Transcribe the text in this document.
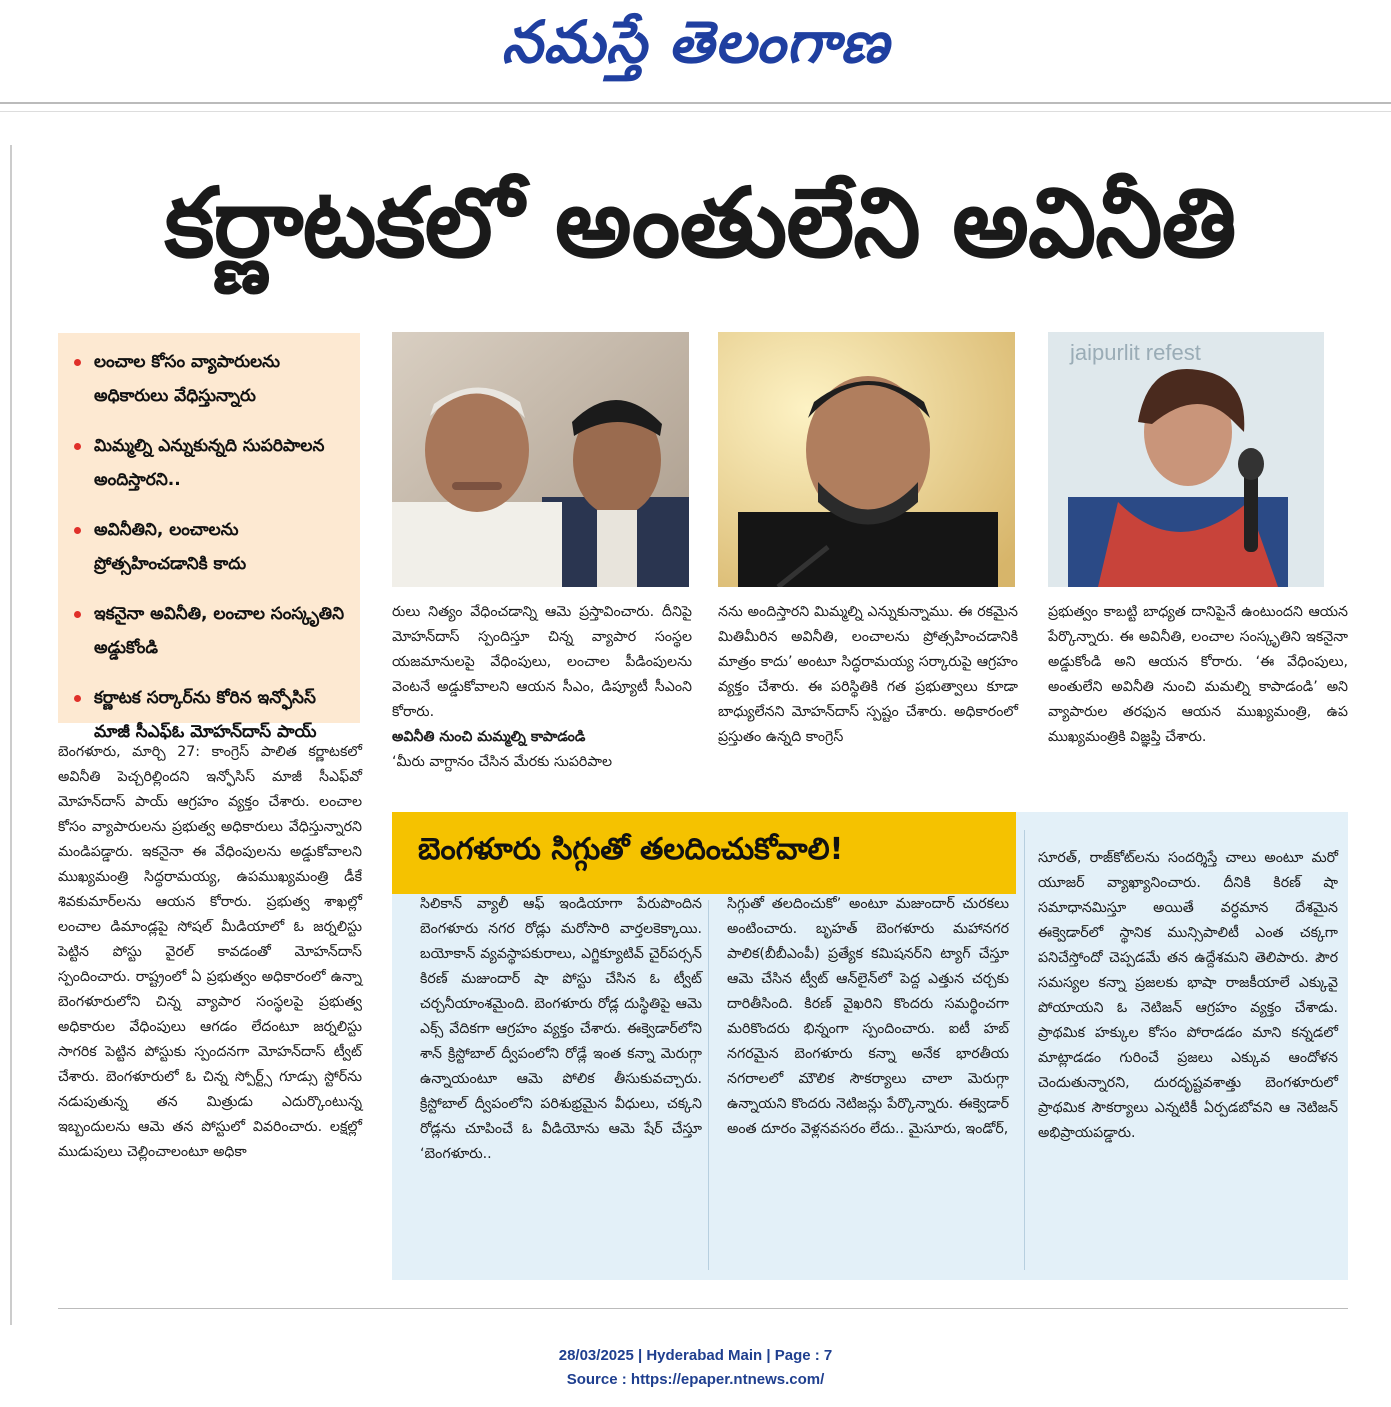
నమస్తే తెలంగాణ
కర్ణాటకలో అంతులేని అవినీతి
లంచాల కోసం వ్యాపారులను అధికారులు వేధిస్తున్నారు
మిమ్మల్ని ఎన్నుకున్నది సుపరిపాలన అందిస్తారని..
అవినీతిని, లంచాలను ప్రోత్సహించడానికి కాదు
ఇకనైనా అవినీతి, లంచాల సంస్కృతిని అడ్డుకోండి
కర్ణాటక సర్కార్‌ను కోరిన ఇన్ఫోసిస్ మాజీ సీఎఫ్‌ఓ మోహన్‌దాస్ పాయ్
jaipurlit refest

బెంగళూరు, మార్చి 27: కాంగ్రెస్ పాలిత కర్ణాటకలో అవినీతి పెచ్చరిల్లిందని ఇన్ఫోసిస్ మాజీ సీఎఫ్‌వో మోహన్‌దాస్ పాయ్ ఆగ్రహం వ్యక్తం చేశారు. లంచాల కోసం వ్యాపారులను ప్రభుత్వ అధికారులు వేధిస్తున్నారని మండిపడ్డారు. ఇకనైనా ఈ వేధింపులను అడ్డుకోవాలని ముఖ్యమంత్రి సిద్ధరామయ్య, ఉపముఖ్యమంత్రి డీకే శివకుమార్‌లను ఆయన కోరారు. ప్రభుత్వ శాఖల్లో లంచాల డిమాండ్లపై సోషల్ మీడియాలో ఓ జర్నలిస్టు పెట్టిన పోస్టు వైరల్ కావడంతో మోహన్‌దాస్ స్పందించారు. రాష్ట్రంలో ఏ ప్రభుత్వం అధికారంలో ఉన్నా బెంగళూరులోని చిన్న వ్యాపార సంస్థలపై ప్రభుత్వ అధికారుల వేధింపులు ఆగడం లేదంటూ జర్నలిస్టు సాగరిక పెట్టిన పోస్టుకు స్పందనగా మోహన్‌దాస్ ట్వీట్ చేశారు. బెంగళూరులో ఓ చిన్న స్పోర్ట్స్ గూడ్సు స్టోర్‌ను నడుపుతున్న తన మిత్రుడు ఎదుర్కొంటున్న ఇబ్బందులను ఆమె తన పోస్టులో వివరించారు. లక్షల్లో ముడుపులు చెల్లించాలంటూ అధికా

రులు నిత్యం వేధించడాన్ని ఆమె ప్రస్తావించారు. దీనిపై మోహన్‌దాస్ స్పందిస్తూ చిన్న వ్యాపార సంస్థల యజమానులపై వేధింపులు, లంచాల పీడింపులను వెంటనే అడ్డుకోవాలని ఆయన సీఎం, డిప్యూటీ సీఎంని కోరారు.

అవినీతి నుంచి మమ్మల్ని కాపాడండి

‘మీరు వాగ్దానం చేసిన మేరకు సుపరిపాల

నను అందిస్తారని మిమ్మల్ని ఎన్నుకున్నాము. ఈ రకమైన మితిమీరిన అవినీతి, లంచాలను ప్రోత్సహించడానికి మాత్రం కాదు’ అంటూ సిద్ధరామయ్య సర్కారుపై ఆగ్రహం వ్యక్తం చేశారు. ఈ పరిస్థితికి గత ప్రభుత్వాలు కూడా బాధ్యులేనని మోహన్‌దాస్ స్పష్టం చేశారు. అధికారంలో ప్రస్తుతం ఉన్నది కాంగ్రెస్

ప్రభుత్వం కాబట్టి బాధ్యత దానిపైనే ఉంటుందని ఆయన పేర్కొన్నారు. ఈ అవినీతి, లంచాల సంస్కృతిని ఇకనైనా అడ్డుకోండి అని ఆయన కోరారు. ‘ఈ వేధింపులు, అంతులేని అవినీతి నుంచి మమల్ని కాపాడండి’ అని వ్యాపారుల తరఫున ఆయన ముఖ్యమంత్రి, ఉప ముఖ్యమంత్రికి విజ్ఞప్తి చేశారు.

బెంగళూరు సిగ్గుతో తలదించుకోవాలి!

సిలికాన్ వ్యాలీ ఆఫ్ ఇండియాగా పేరుపొందిన బెంగళూరు నగర రోడ్లు మరోసారి వార్తలకెక్కాయి. బయోకాన్ వ్యవస్థాపకురాలు, ఎగ్జిక్యూటివ్ చైర్‌పర్సన్ కిరణ్ మజుందార్ షా పోస్టు చేసిన ఓ ట్వీట్ చర్చనీయాంశమైంది. బెంగళూరు రోడ్ల దుస్థితిపై ఆమె ఎక్స్ వేదికగా ఆగ్రహం వ్యక్తం చేశారు. ఈక్వెడార్‌లోని శాన్ క్రిస్టోబాల్ ద్వీపంలోని రోడ్లే ఇంత కన్నా మెరుగ్గా ఉన్నాయంటూ ఆమె పోలిక తీసుకువచ్చారు. క్రిస్టోబాల్ ద్వీపంలోని పరిశుభ్రమైన వీధులు, చక్కని రోడ్లను చూపించే ఓ వీడియోను ఆమె షేర్ చేస్తూ ‘బెంగళూరు..

సిగ్గుతో తలదించుకో’ అంటూ మజుందార్ చురకలు అంటించారు. బృహత్ బెంగళూరు మహానగర పాలిక(బీబీఎంపీ) ప్రత్యేక కమిషనర్‌ని ట్యాగ్ చేస్తూ ఆమె చేసిన ట్వీట్ ఆన్‌లైన్‌లో పెద్ద ఎత్తున చర్చకు దారితీసింది. కిరణ్ వైఖరిని కొందరు సమర్థించగా మరికొందరు భిన్నంగా స్పందించారు. ఐటీ హబ్ నగరమైన బెంగళూరు కన్నా అనేక భారతీయ నగరాలలో మౌలిక సౌకర్యాలు చాలా మెరుగ్గా ఉన్నాయని కొందరు నెటిజన్లు పేర్కొన్నారు. ఈక్వెడార్ అంత దూరం వెళ్లనవసరం లేదు.. మైసూరు, ఇండోర్,

సూరత్, రాజ్‌కోట్‌లను సందర్శిస్తే చాలు అంటూ మరో యూజర్ వ్యాఖ్యానించారు. దీనికి కిరణ్ షా సమాధానమిస్తూ అయితే వర్ధమాన దేశమైన ఈక్వెడార్‌లో స్థానిక మున్సిపాలిటీ ఎంత చక్కగా పనిచేస్తోందో చెప్పడమే తన ఉద్దేశమని తెలిపారు. పౌర సమస్యల కన్నా ప్రజలకు భాషా రాజకీయాలే ఎక్కువై పోయాయని ఓ నెటిజన్ ఆగ్రహం వ్యక్తం చేశాడు. ప్రాథమిక హక్కుల కోసం పోరాడడం మాని కన్నడలో మాట్లాడడం గురించే ప్రజలు ఎక్కువ ఆందోళన చెందుతున్నారని, దురదృష్టవశాత్తు బెంగళూరులో ప్రాథమిక సౌకర్యాలు ఎన్నటికీ ఏర్పడబోవని ఆ నెటిజన్ అభిప్రాయపడ్డారు.

28/03/2025 | Hyderabad Main | Page : 7
Source : https://epaper.ntnews.com/
